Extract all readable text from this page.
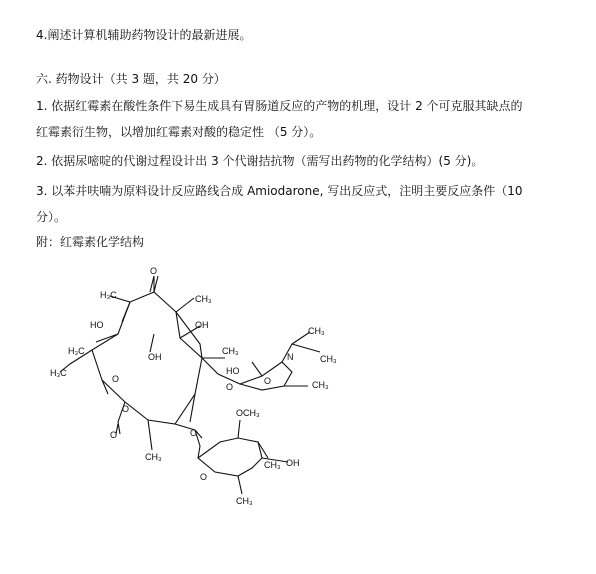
4.阐述计算机辅助药物设计的最新进展。
六. 药物设计（共 3 题，共 20 分）
1. 依据红霉素在酸性条件下易生成具有胃肠道反应的产物的机理，设计 2 个可克服其缺点的
红霉素衍生物，以增加红霉素对酸的稳定性 （5 分）。
2. 依据尿嘧啶的代谢过程设计出 3 个代谢拮抗物（需写出药物的化学结构）(5 分)。
3. 以苯并呋喃为原料设计反应路线合成 Amiodarone, 写出反应式，注明主要反应条件（10
分）。
附：红霉素化学结构
O
H₃C	CH₃
HO	OH
OH
H₃C	CH₃
N
CH₃
CH₃
HO
H₃C
O
O
O	CH₃
O
O	O
CH₃
OCH₃
CH₃ OH
O
CH₃
